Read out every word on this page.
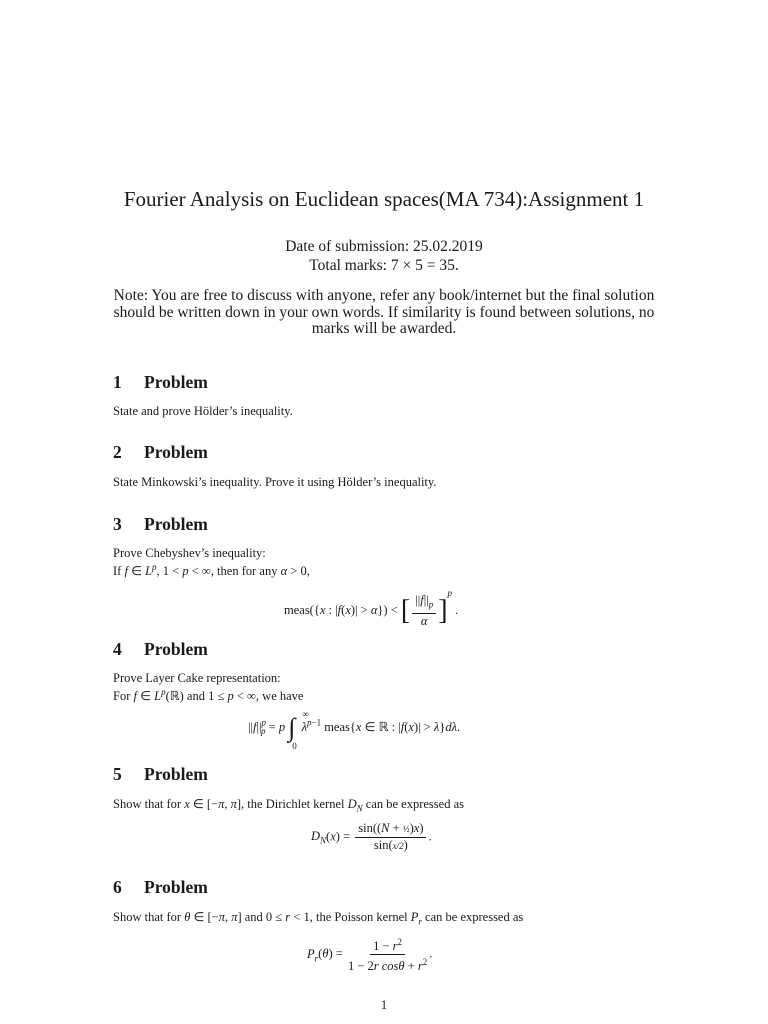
Fourier Analysis on Euclidean spaces(MA 734):Assignment 1
Date of submission: 25.02.2019
Total marks: 7 × 5 = 35.
Note: You are free to discuss with anyone, refer any book/internet but the final solution should be written down in your own words. If similarity is found between solutions, no marks will be awarded.
1 Problem
State and prove Hölder’s inequality.
2 Problem
State Minkowski’s inequality. Prove it using Hölder’s inequality.
3 Problem
Prove Chebyshev’s inequality:
If f ∈ $L^p$, 1 < p < ∞, then for any α > 0,
meas({x : |f(x)| > α}) < [ $\frac{||f||_p}{\alpha} ]^p$ .
4 Problem
Prove Layer Cake representation:
For f ∈ $L^p(ℝ)$ and 1 ≤ p < ∞, we have
$||f||^p_p = p$ ∫ ∞
0
$\lambda^{p-1}$ meas{x ∈ ℝ : |f(x)| > λ}dλ.
5 Problem
Show that for x ∈ [−π, π], the Dirichlet kernel $D_N$ can be expressed as
$D_N(x) = \frac{\text{sin((N + ½)x)}}{\sin(x/2)}$ .
6 Problem
Show that for θ ∈ [−π, π] and 0 ≤ r < 1, the Poisson kernel $P_r$ can be expressed as
$P_r(\theta) = \frac{1 - r^2}{1 - 2r \cos\theta + r^2}$ .
1
